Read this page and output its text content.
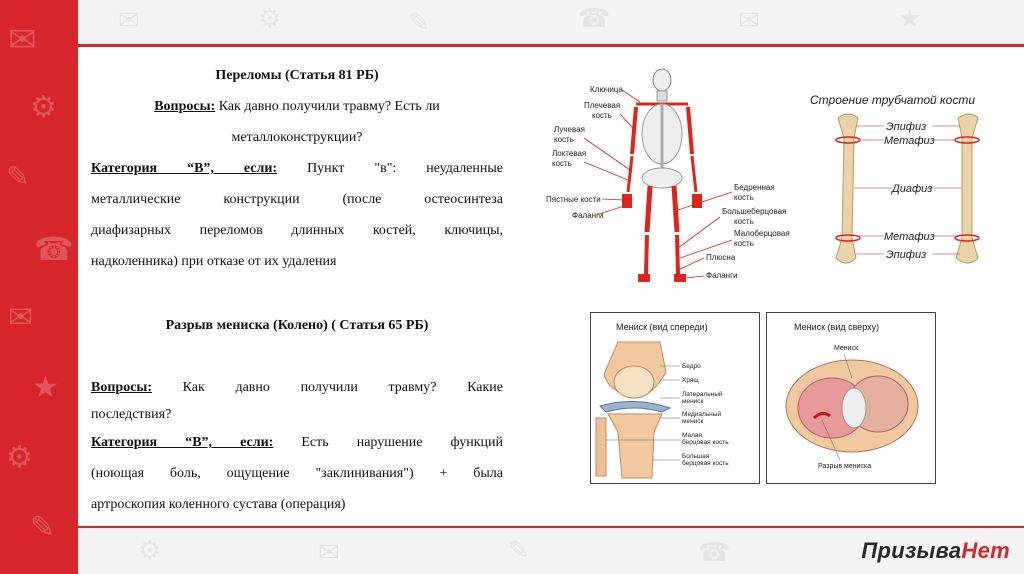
✉
⚙
✎
☎
✉
★
⚙
✎
✉	⚙	✎	☎	✉	★
⚙	✉	✎	☎	ПризываНет
Переломы (Статья 81 РБ)
Вопросы: Как давно получили травму? Есть ли
металлоконструкции?
Категория “В”, если: Пункт "в": неудаленные
металлические конструкции (после остеосинтеза
диафизарных переломов длинных костей, ключицы,
надколенника) при отказе от их удаления
Разрыв мениска (Колено) ( Статья 65 РБ)
Вопросы: Как давно получили травму? Какие
последствия?
Категория “В”, если: Есть нарушение функций
(ноющая боль, ощущение "заклинивания") + была
артроскопия коленного сустава (операция)
Ключица
Плечевая
кость
Лучевая
кость
Локтевая
кость
Пястные кости
Фаланги
Бедренная
кость
Большеберцовая
кость
Малоберцовая
кость
Плюсна
Фаланги
Строение трубчатой кости
Эпифиз
Метафиз
Диафиз
Метафиз
Эпифиз
Мениск (вид спереди)
Бедро
Хрящ
Латеральный
мениск
Медиальный
мениск
Малая
берцовая кость
Большая
берцовая кость
Мениск (вид сверху)
Мениск
Разрыв мениска
